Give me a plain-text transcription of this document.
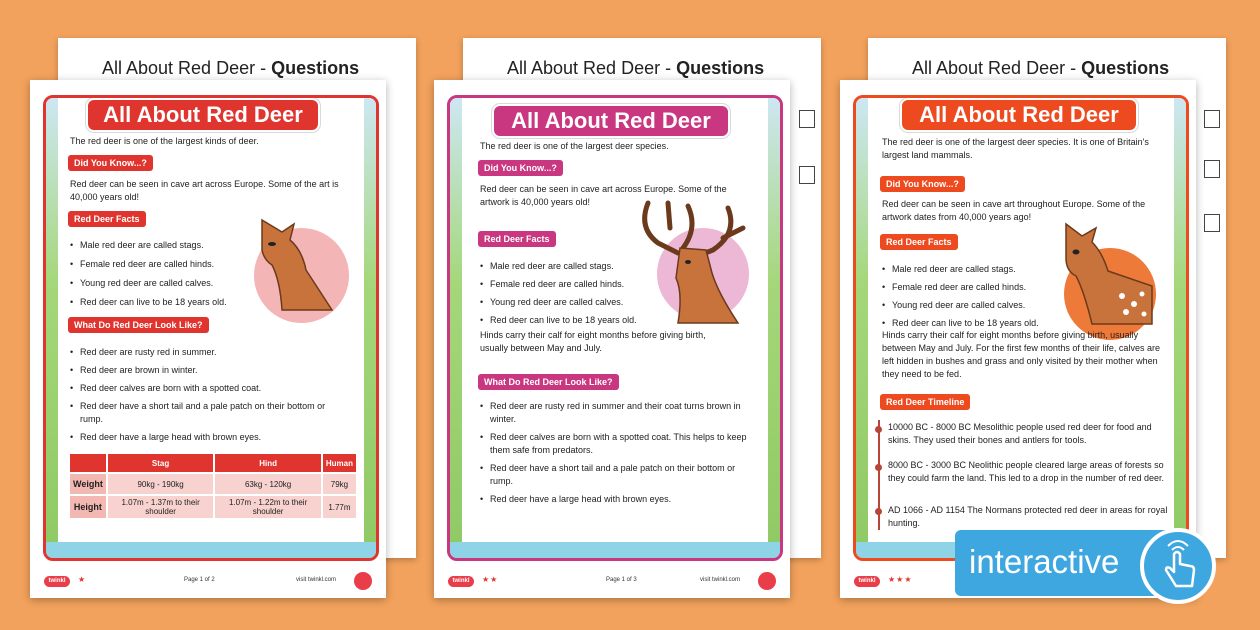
All About Red Deer - Questions	All About Red Deer - Questions	All About Red Deer - Questions
All About Red Deer
The red deer is one of the largest kinds of deer.
Did You Know...?
Red deer can be seen in cave art across Europe. Some of the art is 40,000 years old!
Red Deer Facts
• Male red deer are called stags.
• Female red deer are called hinds.
• Young red deer are called calves.
• Red deer can live to be 18 years old.
What Do Red Deer Look Like?
• Red deer are rusty red in summer.
• Red deer are brown in winter.
• Red deer calves are born with a spotted coat.
• Red deer have a short tail and a pale patch on their bottom or rump.
• Red deer have a large head with brown eyes.
	Stag	Hind	Human
Weight	90kg - 190kg	63kg - 120kg	79kg
Height	1.07m - 1.37m to their shoulder	1.07m - 1.22m to their shoulder	1.77m
twinkl	★	Page 1 of 2	visit twinkl.com
All About Red Deer
The red deer is one of the largest deer species.
Did You Know...?
Red deer can be seen in cave art across Europe. Some of the artwork is 40,000 years old!
Red Deer Facts
• Male red deer are called stags.
• Female red deer are called hinds.
• Young red deer are called calves.
• Red deer can live to be 18 years old.
Hinds carry their calf for eight months before giving birth, usually between May and July.
What Do Red Deer Look Like?
• Red deer are rusty red in summer and their coat turns brown in winter.
• Red deer calves are born with a spotted coat. This helps to keep them safe from predators.
• Red deer have a short tail and a pale patch on their bottom or rump.
• Red deer have a large head with brown eyes.
twinkl	★★	Page 1 of 3	visit twinkl.com
All About Red Deer
The red deer is one of the largest deer species. It is one of Britain's largest land mammals.
Did You Know...?
Red deer can be seen in cave art throughout Europe. Some of the artwork dates from 40,000 years ago!
Red Deer Facts
• Male red deer are called stags.
• Female red deer are called hinds.
• Young red deer are called calves.
• Red deer can live to be 18 years old.
Hinds carry their calf for eight months before giving birth, usually between May and July. For the first few months of their life, calves are left hidden in bushes and grass and only visited by their mother when they need to be fed.
Red Deer Timeline
10000 BC - 8000 BC Mesolithic people used red deer for food and skins. They used their bones and antlers for tools.
8000 BC - 3000 BC Neolithic people cleared large areas of forests so they could farm the land. This led to a drop in the number of red deer.
AD 1066 - AD 1154 The Normans protected red deer in areas for royal hunting.
twinkl	★★★ interactive
